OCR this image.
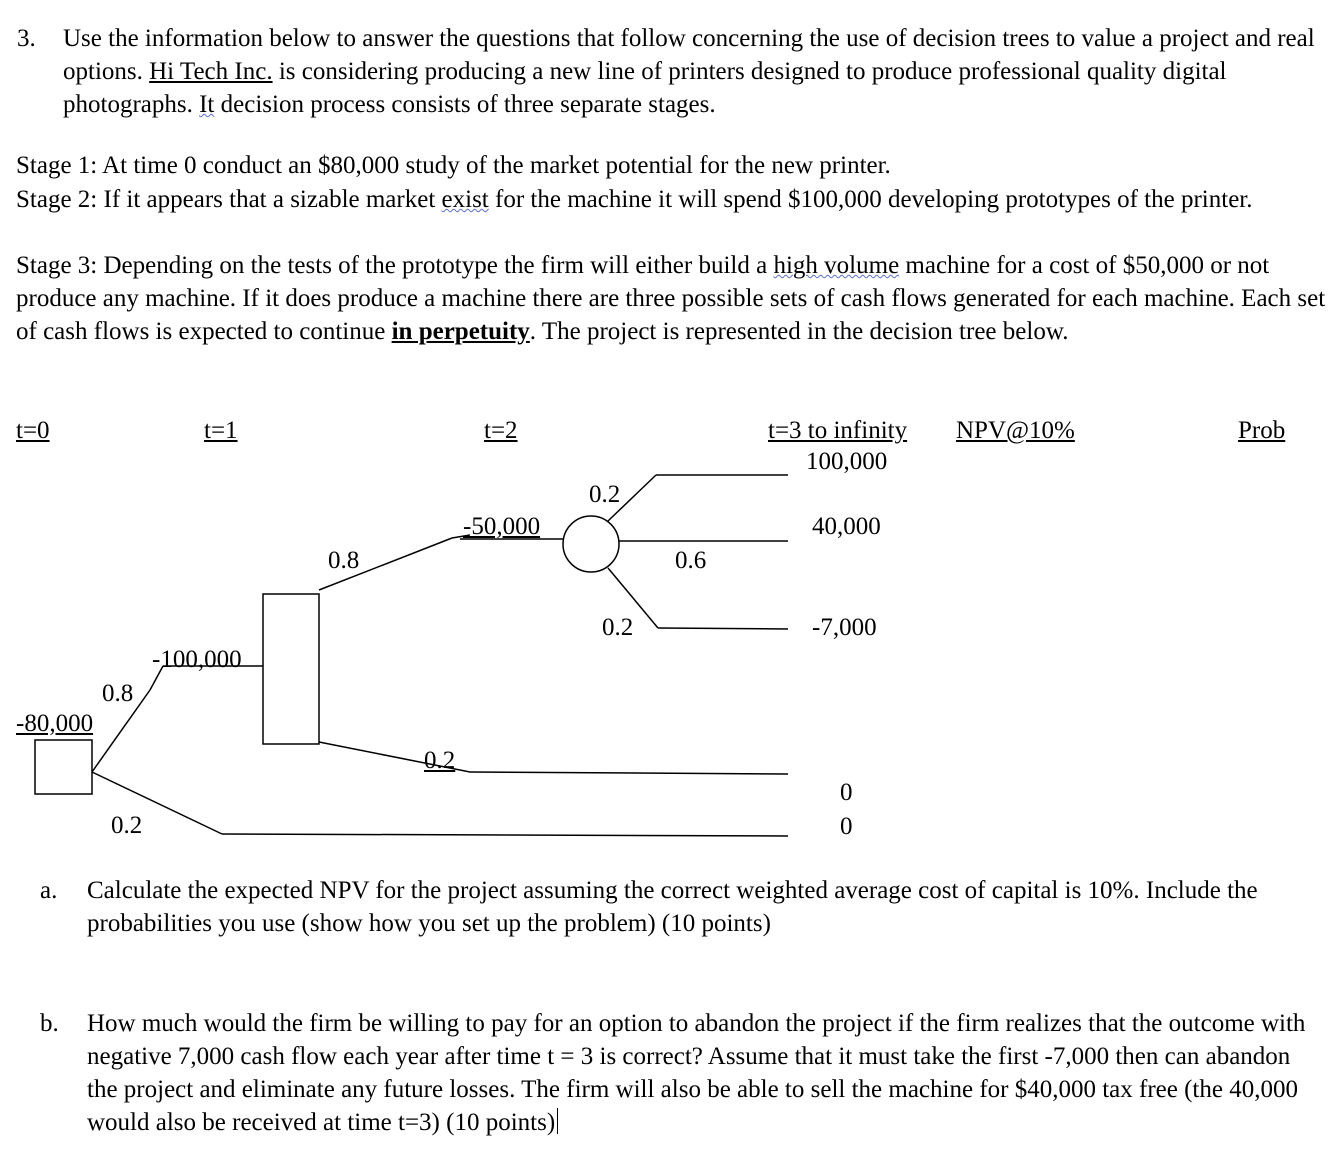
3. Use the information below to answer the questions that follow concerning the use of decision trees to value a project and real options. Hi Tech Inc. is considering producing a new line of printers designed to produce professional quality digital photographs. It decision process consists of three separate stages.
Stage 1: At time 0 conduct an $80,000 study of the market potential for the new printer.
Stage 2: If it appears that a sizable market exist for the machine it will spend $100,000 developing prototypes of the printer.
Stage 3: Depending on the tests of the prototype the firm will either build a high volume machine for a cost of $50,000 or not produce any machine. If it does produce a machine there are three possible sets of cash flows generated for each machine. Each set of cash flows is expected to continue in perpetuity. The project is represented in the decision tree below.
t=0	t=1	t=2	t=3 to infinity NPV@10%	Prob
100,000
0.2
-50,000	40,000
0.8	0.6
0.2	-7,000
-100,000
0.8
-80,000
0.2
0
0.2	0
a. Calculate the expected NPV for the project assuming the correct weighted average cost of capital is 10%. Include the probabilities you use (show how you set up the problem) (10 points)
b. How much would the firm be willing to pay for an option to abandon the project if the firm realizes that the outcome with negative 7,000 cash flow each year after time t = 3 is correct? Assume that it must take the first -7,000 then can abandon the project and eliminate any future losses. The firm will also be able to sell the machine for $40,000 tax free (the 40,000 would also be received at time t=3) (10 points)
